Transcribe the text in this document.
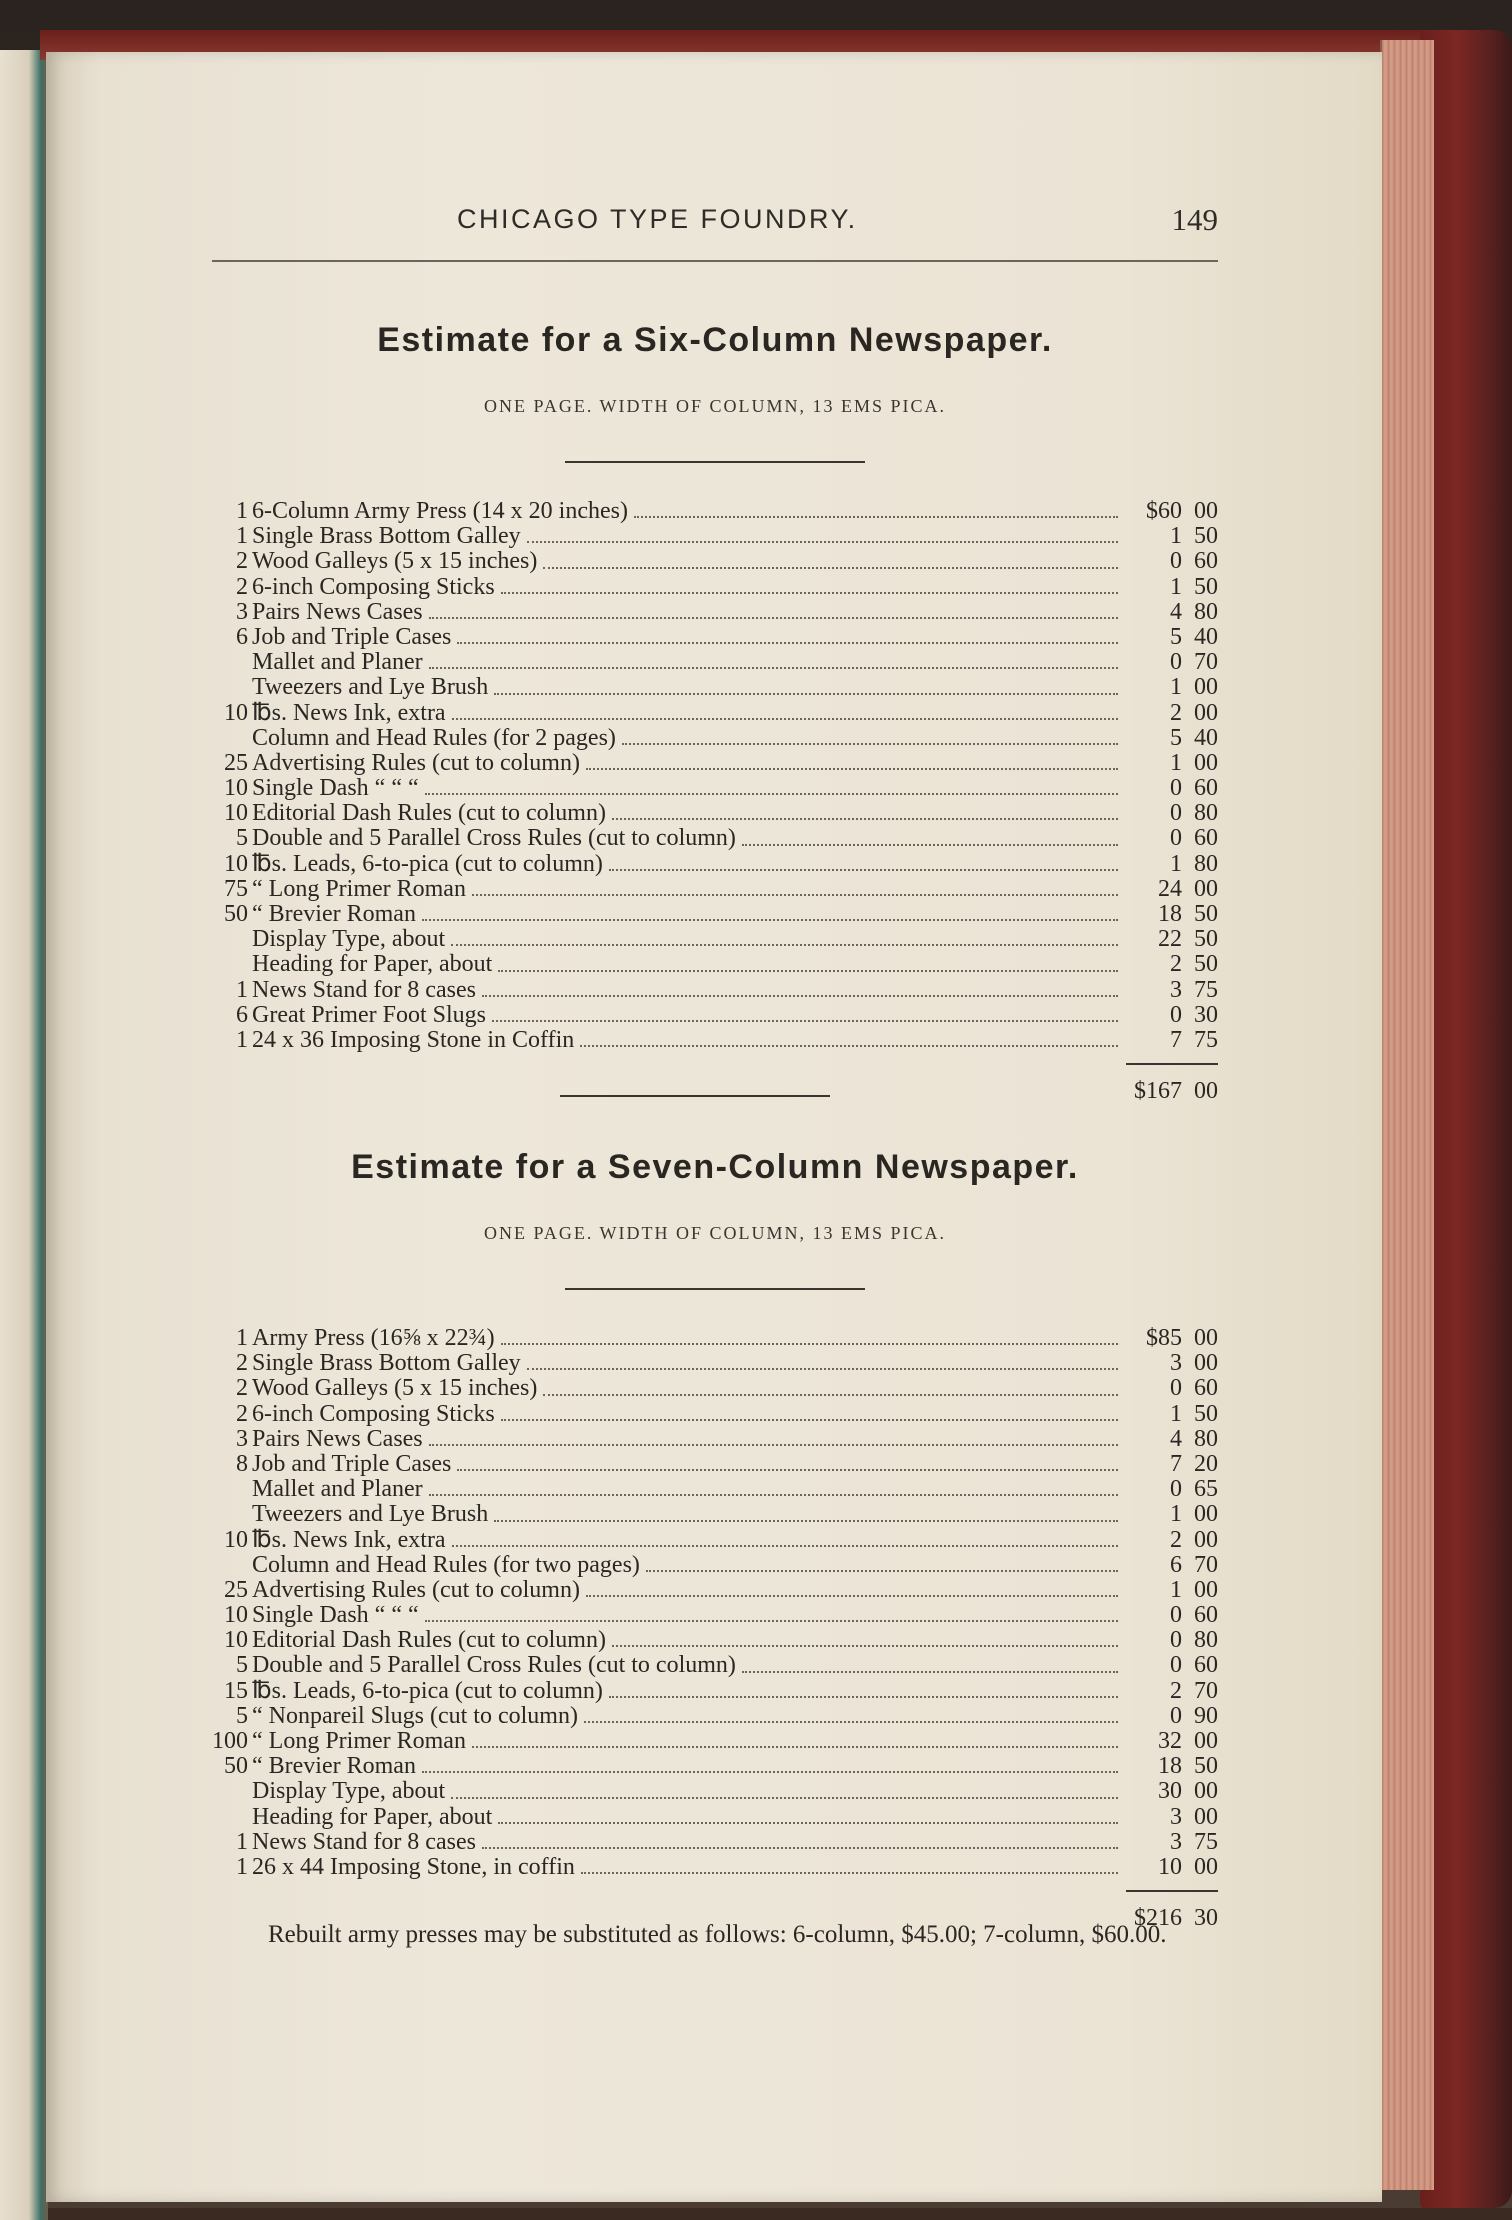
CHICAGO TYPE FOUNDRY.	149
Estimate for a Six-Column Newspaper.
ONE PAGE. WIDTH OF COLUMN, 13 EMS PICA.
1 6-Column Army Press (14 x 20 inches)	$60 00
1 Single Brass Bottom Galley	1 50
2 Wood Galleys (5 x 15 inches)	0 60
2 6-inch Composing Sticks	1 50
3 Pairs News Cases	4 80
6 Job and Triple Cases	5 40
Mallet and Planer	0 70
Tweezers and Lye Brush	1 00
10 ℔s. News Ink, extra	2 00
Column and Head Rules (for 2 pages)	5 40
25 Advertising Rules (cut to column)	1 00
10 Single Dash “ “ “	0 60
10 Editorial Dash Rules (cut to column)	0 80
5 Double and 5 Parallel Cross Rules (cut to column)	0 60
10 ℔s. Leads, 6-to-pica (cut to column)	1 80
75 “ Long Primer Roman	24 00
50 “ Brevier Roman	18 50
Display Type, about	22 50
Heading for Paper, about	2 50
1 News Stand for 8 cases	3 75
6 Great Primer Foot Slugs	0 30
1 24 x 36 Imposing Stone in Coffin	7 75
$167 00
Estimate for a Seven-Column Newspaper.
ONE PAGE. WIDTH OF COLUMN, 13 EMS PICA.
1 Army Press (16⅝ x 22¾)	$85 00
2 Single Brass Bottom Galley	3 00
2 Wood Galleys (5 x 15 inches)	0 60
2 6-inch Composing Sticks	1 50
3 Pairs News Cases	4 80
8 Job and Triple Cases	7 20
Mallet and Planer	0 65
Tweezers and Lye Brush	1 00
10 ℔s. News Ink, extra	2 00
Column and Head Rules (for two pages)	6 70
25 Advertising Rules (cut to column)	1 00
10 Single Dash “ “ “	0 60
10 Editorial Dash Rules (cut to column)	0 80
5 Double and 5 Parallel Cross Rules (cut to column)	0 60
15 ℔s. Leads, 6-to-pica (cut to column)	2 70
5 “ Nonpareil Slugs (cut to column)	0 90
100 “ Long Primer Roman	32 00
50 “ Brevier Roman	18 50
Display Type, about	30 00
Heading for Paper, about	3 00
1 News Stand for 8 cases	3 75
1 26 x 44 Imposing Stone, in coffin	10 00
$216 30
Rebuilt army presses may be substituted as follows: 6-column, $45.00; 7-column, $60.00.
